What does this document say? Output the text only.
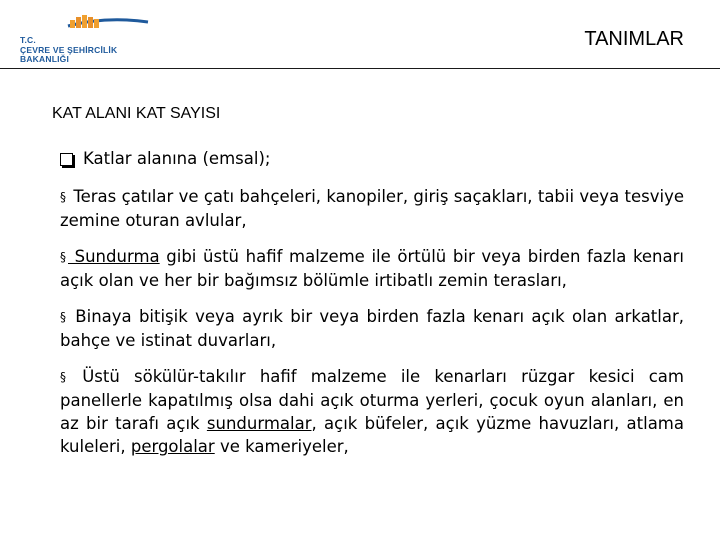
T.C.
ÇEVRE VE ŞEHİRCİLİK
BAKANLIĞI
TANIMLAR
KAT ALANI KAT SAYISI
Katlar alanına (emsal);

§ Teras çatılar ve çatı bahçeleri, kanopiler, giriş saçakları, tabii veya tesviye zemine oturan avlular,

§ Sundurma gibi üstü hafif malzeme ile örtülü bir veya birden fazla kenarı açık olan ve her bir bağımsız bölümle irtibatlı zemin terasları,

§ Binaya bitişik veya ayrık bir veya birden fazla kenarı açık olan arkatlar, bahçe ve istinat duvarları,

§ Üstü sökülür-takılır hafif malzeme ile kenarları rüzgar kesici cam panellerle kapatılmış olsa dahi açık oturma yerleri, çocuk oyun alanları, en az bir tarafı açık sundurmalar, açık büfeler, açık yüzme havuzları, atlama kuleleri, pergolalar ve kameriyeler,
